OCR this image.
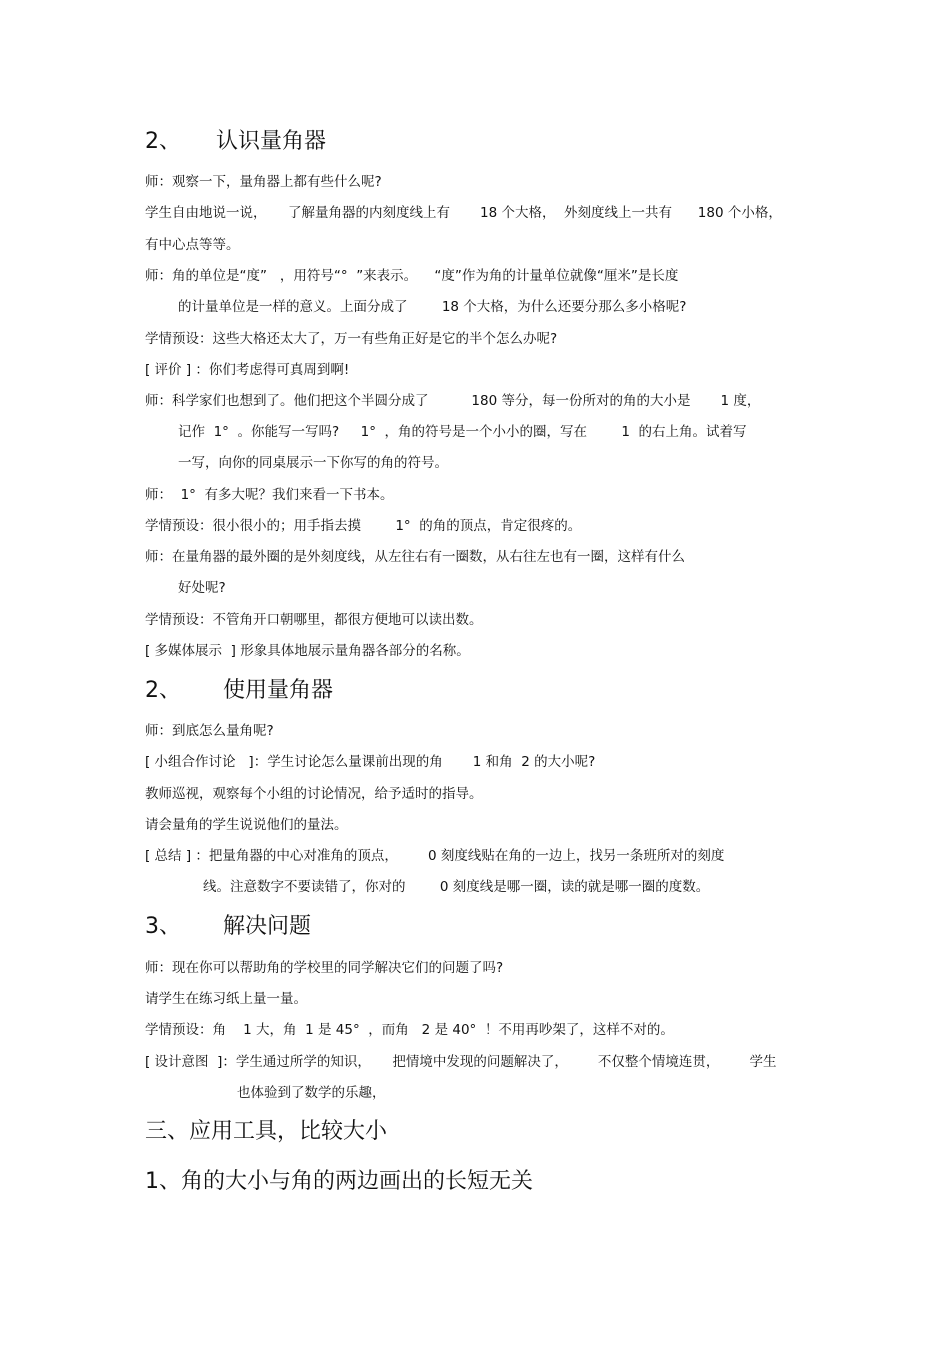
2、     认识量角器
师：观察一下，量角器上都有些什么呢?
学生自由地说一说，     了解量角器的内刻度线上有       18 个大格，  外刻度线上一共有      180 个小格，
有中心点等等。
师：角的单位是“度”   ，用符号“°  ”来表示。    “度”作为角的计量单位就像“厘米”是长度
的计量单位是一样的意义。上面分成了        18 个大格，为什么还要分那么多小格呢?
学情预设：这些大格还太大了，万一有些角正好是它的半个怎么办呢?
[ 评价 ] ：你们考虑得可真周到啊!
师：科学家们也想到了。他们把这个半圆分成了          180 等分，每一份所对的角的大小是       1 度，
记作  1°  。你能写一写吗?     1°  ，角的符号是一个小小的圈，写在        1  的右上角。试着写
一写，向你的同桌展示一下你写的角的符号。
师：  1°  有多大呢？我们来看一下书本。
学情预设：很小很小的；用手指去摸        1°  的角的顶点，肯定很疼的。
师：在量角器的最外圈的是外刻度线，从左往右有一圈数，从右往左也有一圈，这样有什么
好处呢?
学情预设：不管角开口朝哪里，都很方便地可以读出数。
[ 多媒体展示  ] 形象具体地展示量角器各部分的名称。
2、      使用量角器
师：到底怎么量角呢?
[ 小组合作讨论   ]：学生讨论怎么量课前出现的角       1 和角  2 的大小呢?
教师巡视，观察每个小组的讨论情况，给予适时的指导。
请会量角的学生说说他们的量法。
[ 总结 ] ：把量角器的中心对准角的顶点，       0 刻度线贴在角的一边上，找另一条班所对的刻度
线。注意数字不要读错了，你对的        0 刻度线是哪一圈，读的就是哪一圈的度数。
3、      解决问题
师：现在你可以帮助角的学校里的同学解决它们的问题了吗?
请学生在练习纸上量一量。
学情预设：角    1 大，角  1 是 45°  ，而角   2 是 40°  ！不用再吵架了，这样不对的。
[ 设计意图  ]：学生通过所学的知识，     把情境中发现的问题解决了，       不仅整个情境连贯，       学生
也体验到了数学的乐趣，
三、应用工具，比较大小
1、角的大小与角的两边画出的长短无关
